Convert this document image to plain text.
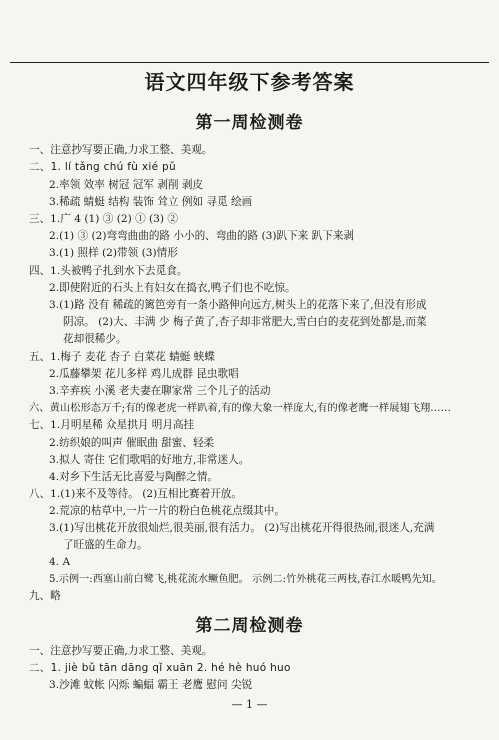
语文四年级下参考答案
第一周检测卷
一、注意抄写要正确,力求工整、美观。
二、1. lí tǎng chú fù xié pǔ
2.率领 效率 树冠 冠军 剥削 剥皮
3.稀疏 蜻蜓 结构 装饰 耸立 例如 寻觅 绘画
三、1.广 4 (1) ③ (2) ① (3) ②
2.(1) ③ (2)弯弯曲曲的路 小小的、弯曲的路 (3)趴下来 趴下来剥
3.(1) 照样 (2)带领 (3)情形
四、1.头被鸭子扎到水下去觅食。
2.即使附近的石头上有妇女在捣衣,鸭子们也不吃惊。
3.(1)路 没有 稀疏的篱笆旁有一条小路伸向远方,树头上的花落下来了,但没有形成
阴凉。 (2)大、丰满 少 梅子黄了,杏子却非常肥大,雪白白的麦花到处都是,而菜
花却很稀少。
五、1.梅子 麦花 杏子 白菜花 蜻蜓 蛱蝶
2.瓜藤攀架 花儿多样 鸡儿成群 昆虫歌唱
3.辛弃疾 小溪 老夫妻在聊家常 三个儿子的活动
六、黄山松形态万千;有的像老虎一样趴着,有的像大象一样庞大,有的像老鹰一样展翅飞翔……
七、1.月明星稀 众星拱月 明月高挂
2.纺织娘的叫声 催眠曲 甜蜜、轻柔
3.拟人 寄住 它们歌唱的好地方,非常迷人。
4.对乡下生活无比喜爱与陶醉之情。
八、1.(1)来不及等待。 (2)互相比赛着开放。
2.荒凉的枯草中,一片一片的粉白色桃花点缀其中。
3.(1)写出桃花开放很灿烂,很美丽,很有活力。 (2)写出桃花开得很热闹,很迷人,充满
了旺盛的生命力。
4. A
5.示例一:西塞山前白鹭飞,桃花流水鳜鱼肥。 示例二:竹外桃花三两枝,春江水暖鸭先知。
九、略
第二周检测卷
一、注意抄写要正确,力求工整、美观。
二、1. jiè bǔ tān dāng qǐ xuān 2. hé hè huó huo
3.沙滩 蚊帐 闪烁 蝙蝠 霸王 老鹰 慰问 尖锐
— 1 —
